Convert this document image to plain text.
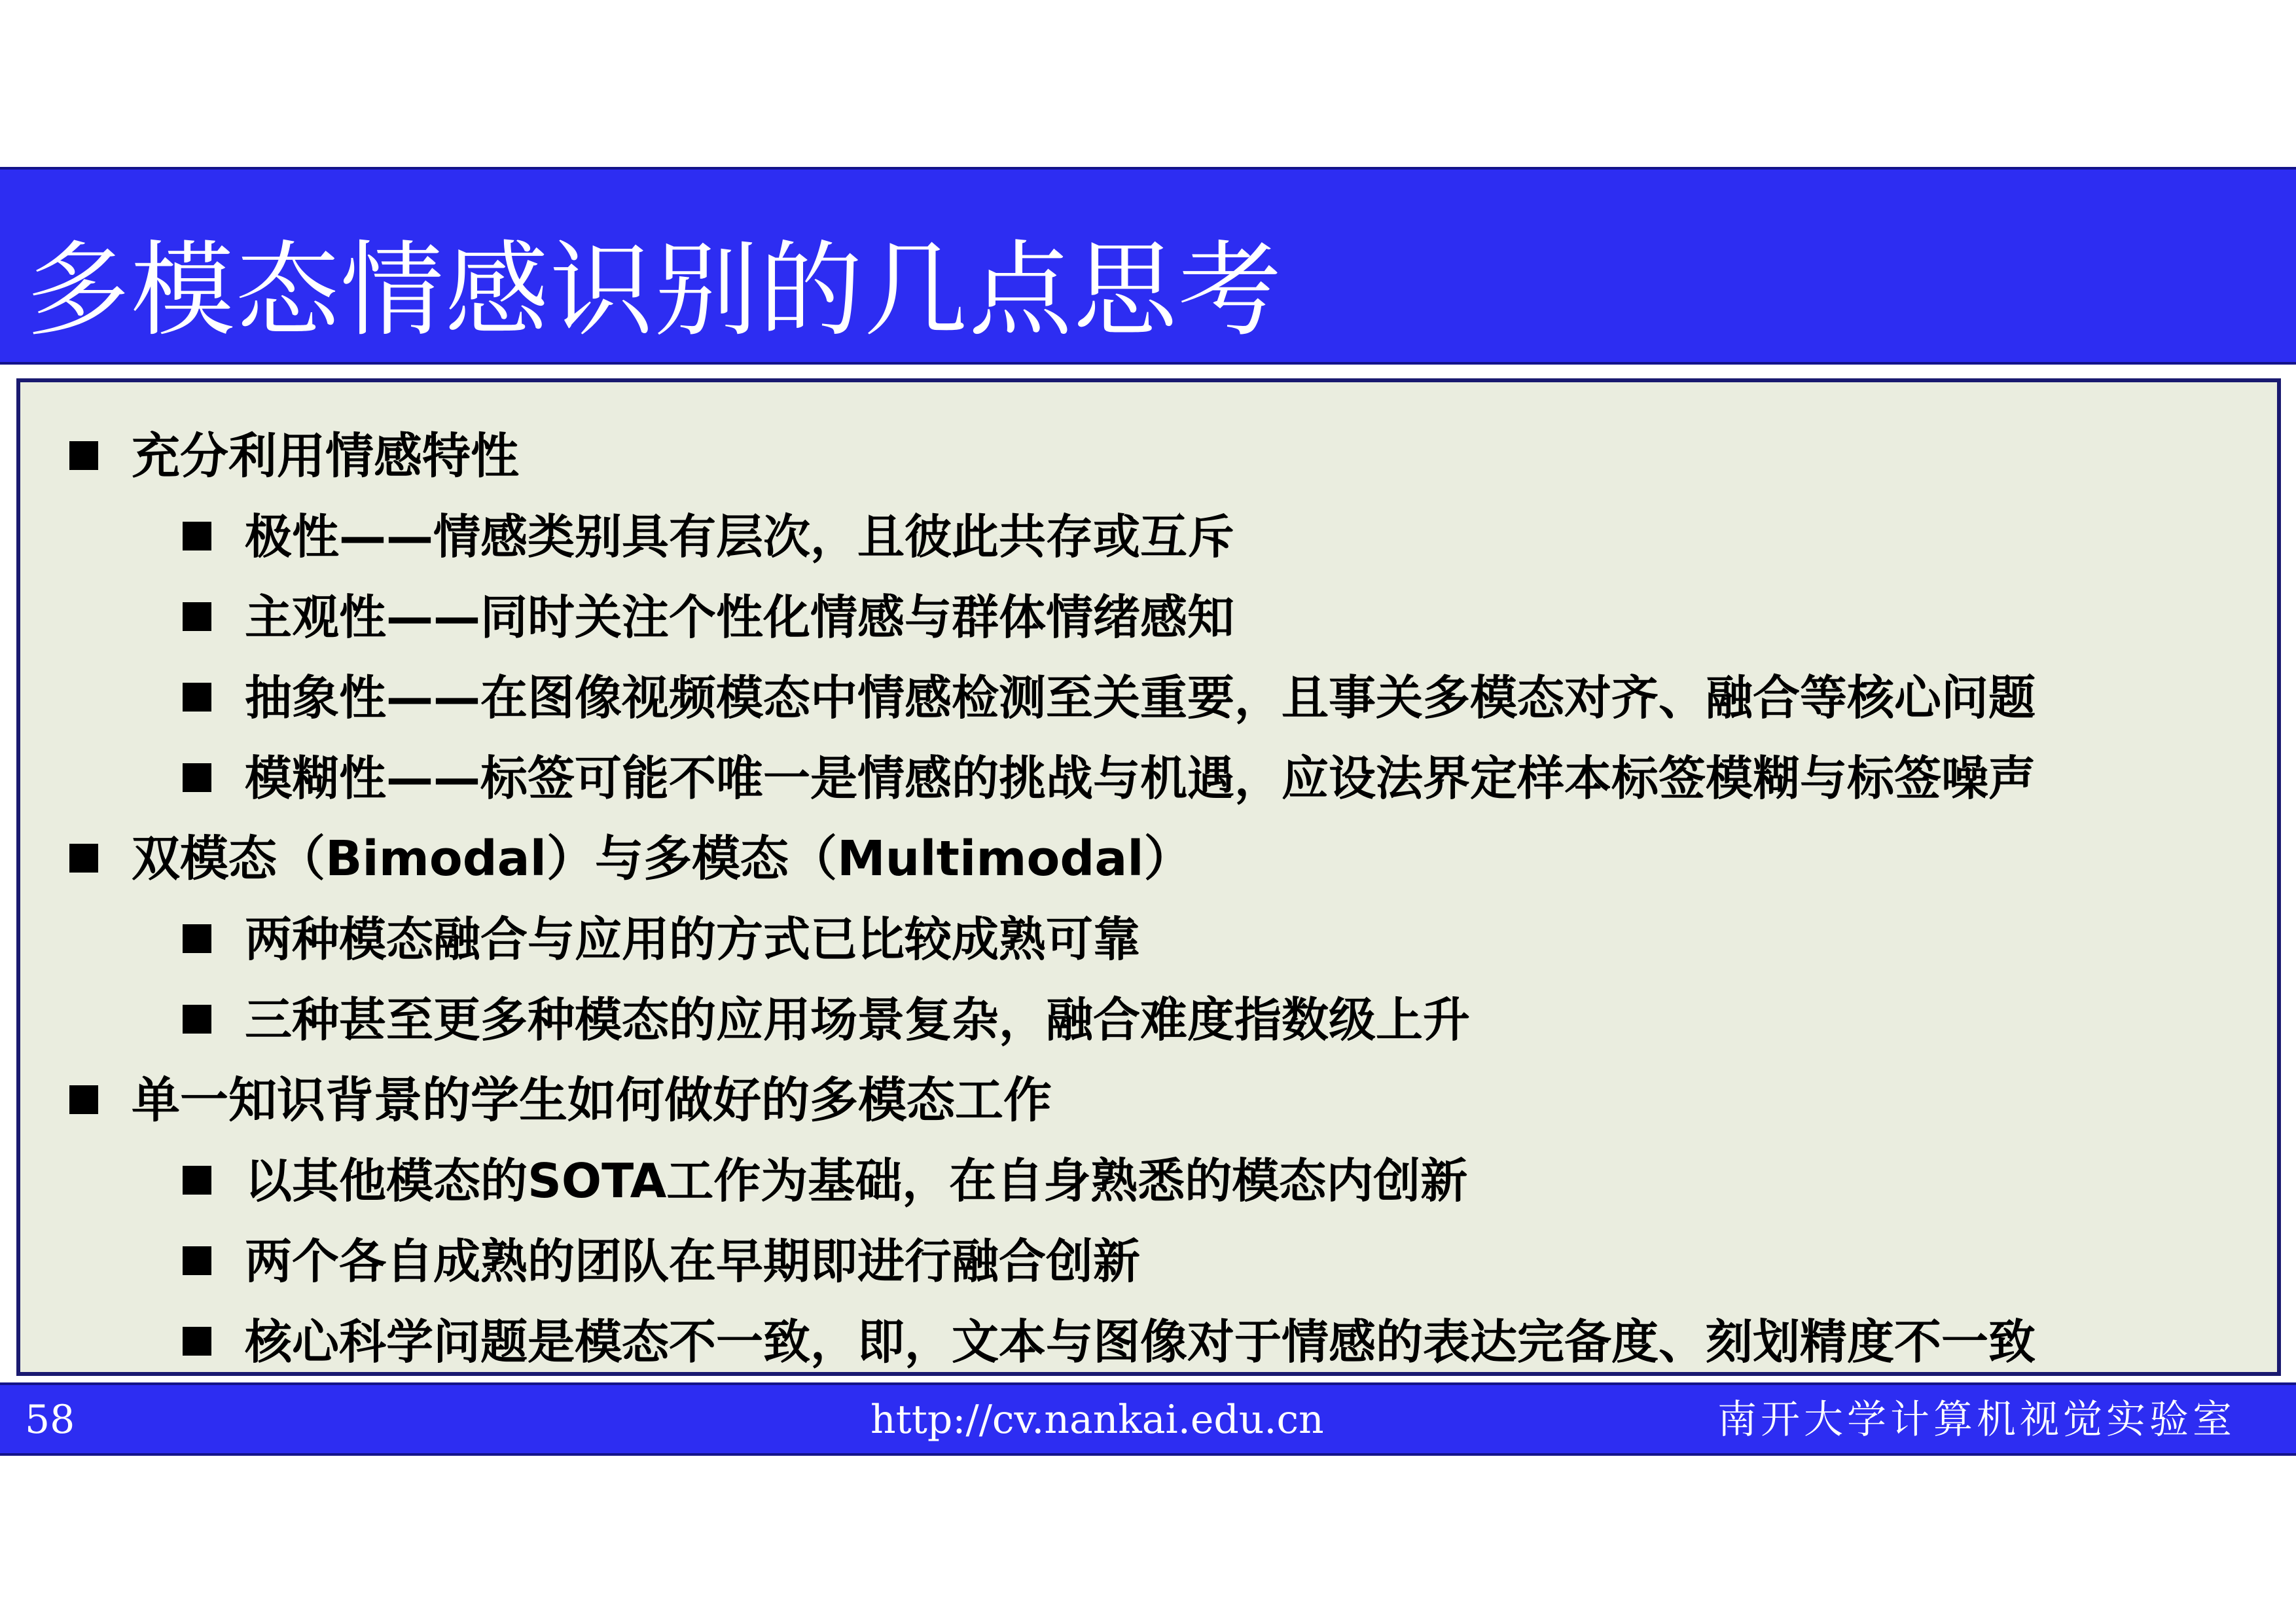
多模态情感识别的几点思考
充分利用情感特性
极性——情感类别具有层次，且彼此共存或互斥
主观性——同时关注个性化情感与群体情绪感知
抽象性——在图像视频模态中情感检测至关重要，且事关多模态对齐、融合等核心问题
模糊性——标签可能不唯一是情感的挑战与机遇，应设法界定样本标签模糊与标签噪声
双模态（Bimodal）与多模态（Multimodal）
两种模态融合与应用的方式已比较成熟可靠
三种甚至更多种模态的应用场景复杂，融合难度指数级上升
单一知识背景的学生如何做好的多模态工作
以其他模态的SOTA工作为基础，在自身熟悉的模态内创新
两个各自成熟的团队在早期即进行融合创新
核心科学问题是模态不一致，即，文本与图像对于情感的表达完备度、刻划精度不一致
58	http://cv.nankai.edu.cn	南开大学计算机视觉实验室
